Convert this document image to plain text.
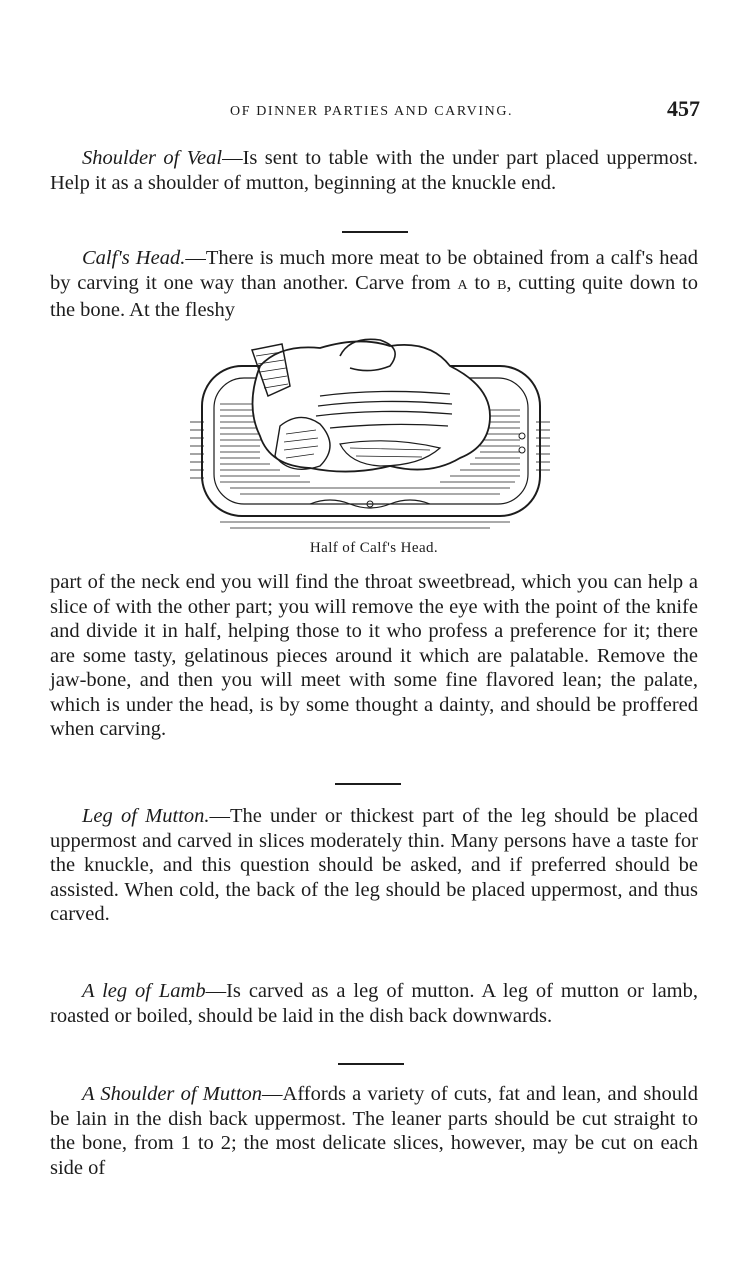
OF DINNER PARTIES AND CARVING.	457

Shoulder of Veal—Is sent to table with the under part placed uppermost. Help it as a shoulder of mutton, beginning at the knuckle end.

Calf's Head.—There is much more meat to be obtained from a calf's head by carving it one way than another. Carve from A to B, cutting quite down to the bone. At the fleshy

Half of Calf's Head.

part of the neck end you will find the throat sweetbread, which you can help a slice of with the other part; you will remove the eye with the point of the knife and divide it in half, helping those to it who profess a preference for it; there are some tasty, gelatinous pieces around it which are palatable. Remove the jaw-bone, and then you will meet with some fine flavored lean; the palate, which is under the head, is by some thought a dainty, and should be proffered when carving.

Leg of Mutton.—The under or thickest part of the leg should be placed uppermost and carved in slices moderately thin. Many persons have a taste for the knuckle, and this question should be asked, and if preferred should be assisted. When cold, the back of the leg should be placed uppermost, and thus carved.

A leg of Lamb—Is carved as a leg of mutton. A leg of mutton or lamb, roasted or boiled, should be laid in the dish back downwards.

A Shoulder of Mutton—Affords a variety of cuts, fat and lean, and should be lain in the dish back uppermost. The leaner parts should be cut straight to the bone, from 1 to 2; the most delicate slices, however, may be cut on each side of
